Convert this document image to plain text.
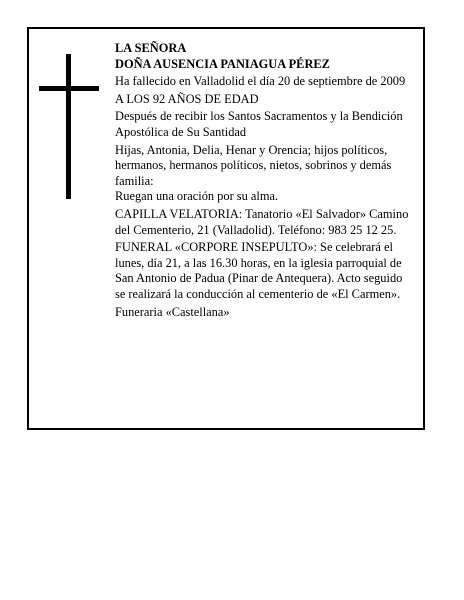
LA SEÑORA

DOÑA AUSENCIA PANIAGUA PÉREZ

Ha fallecido en Valladolid el día 20 de septiembre de 2009

A LOS 92 AÑOS DE EDAD

Después de recibir los Santos Sacramentos y la Bendición Apostólica de Su Santidad

Hijas, Antonia, Delia, Henar y Orencia; hijos políticos, hermanos, hermanos políticos, nietos, sobrinos y demás familia:

Ruegan una oración por su alma.

CAPILLA VELATORIA: Tanatorio «El Salvador» Camino del Cementerio, 21 (Valladolid). Teléfono: 983 25 12 25.

FUNERAL «CORPORE INSEPULTO»: Se celebrará el lunes, día 21, a las 16.30 horas, en la iglesia parroquial de San Antonio de Padua (Pinar de Antequera). Acto seguido se realizará la conducción al cementerio de «El Carmen».

Funeraria «Castellana»
